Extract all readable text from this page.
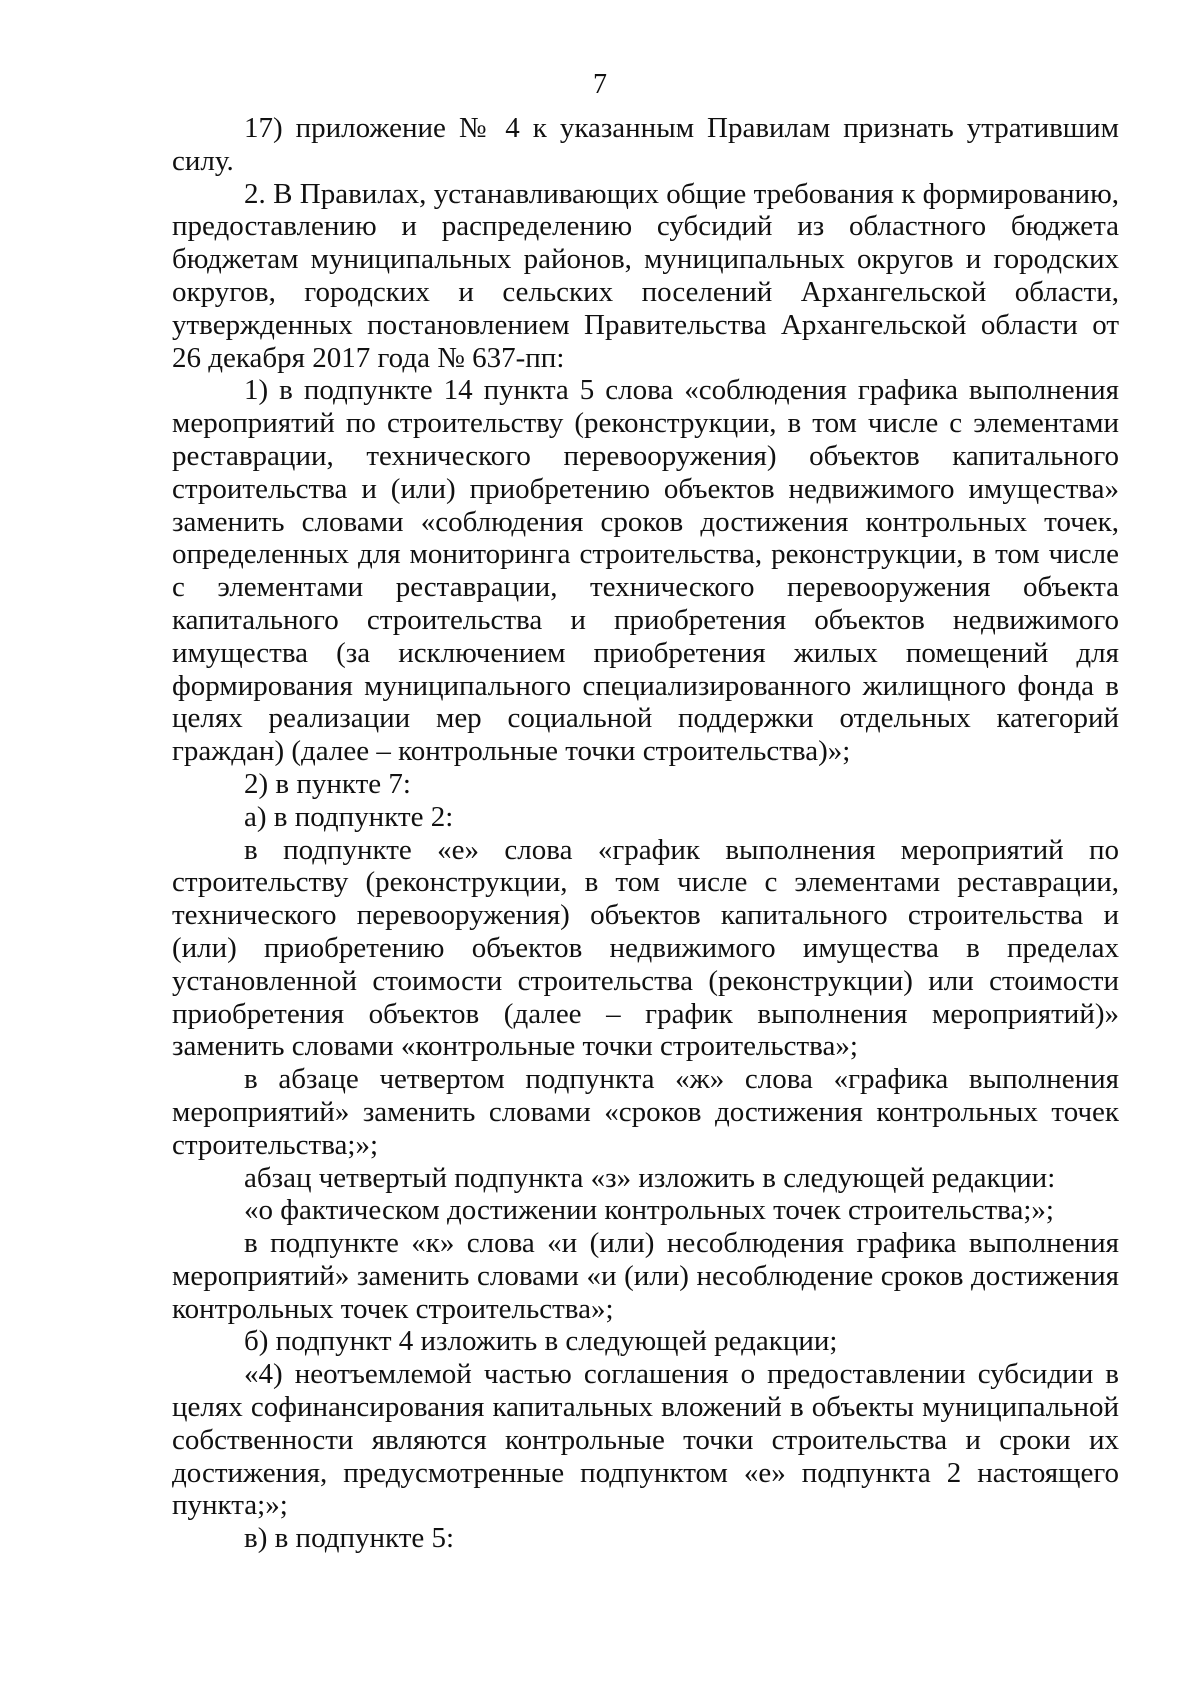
7

17) приложение № 4 к указанным Правилам признать утратившим силу.

2. В Правилах, устанавливающих общие требования к формированию, предоставлению и распределению субсидий из областного бюджета бюджетам муниципальных районов, муниципальных округов и городских округов, городских и сельских поселений Архангельской области, утвержденных постановлением Правительства Архангельской области от 26 декабря 2017 года № 637-пп:

1) в подпункте 14 пункта 5 слова «соблюдения графика выполнения мероприятий по строительству (реконструкции, в том числе с элементами реставрации, технического перевооружения) объектов капитального строительства и (или) приобретению объектов недвижимого имущества» заменить словами «соблюдения сроков достижения контрольных точек, определенных для мониторинга строительства, реконструкции, в том числе с элементами реставрации, технического перевооружения объекта капитального строительства и приобретения объектов недвижимого имущества (за исключением приобретения жилых помещений для формирования муниципального специализированного жилищного фонда в целях реализации мер социальной поддержки отдельных категорий граждан) (далее – контрольные точки строительства)»;

2) в пункте 7:

а) в подпункте 2:

в подпункте «е» слова «график выполнения мероприятий по строительству (реконструкции, в том числе с элементами реставрации, технического перевооружения) объектов капитального строительства и (или) приобретению объектов недвижимого имущества в пределах установленной стоимости строительства (реконструкции) или стоимости приобретения объектов (далее – график выполнения мероприятий)» заменить словами «контрольные точки строительства»;

в абзаце четвертом подпункта «ж» слова «графика выполнения мероприятий» заменить словами «сроков достижения контрольных точек строительства;»;

абзац четвертый подпункта «з» изложить в следующей редакции:

«о фактическом достижении контрольных точек строительства;»;

в подпункте «к» слова «и (или) несоблюдения графика выполнения мероприятий» заменить словами «и (или) несоблюдение сроков достижения контрольных точек строительства»;

б) подпункт 4 изложить в следующей редакции;

«4) неотъемлемой частью соглашения о предоставлении субсидии в целях софинансирования капитальных вложений в объекты муниципальной собственности являются контрольные точки строительства и сроки их достижения, предусмотренные подпунктом «е» подпункта 2 настоящего пункта;»;

в) в подпункте 5:
